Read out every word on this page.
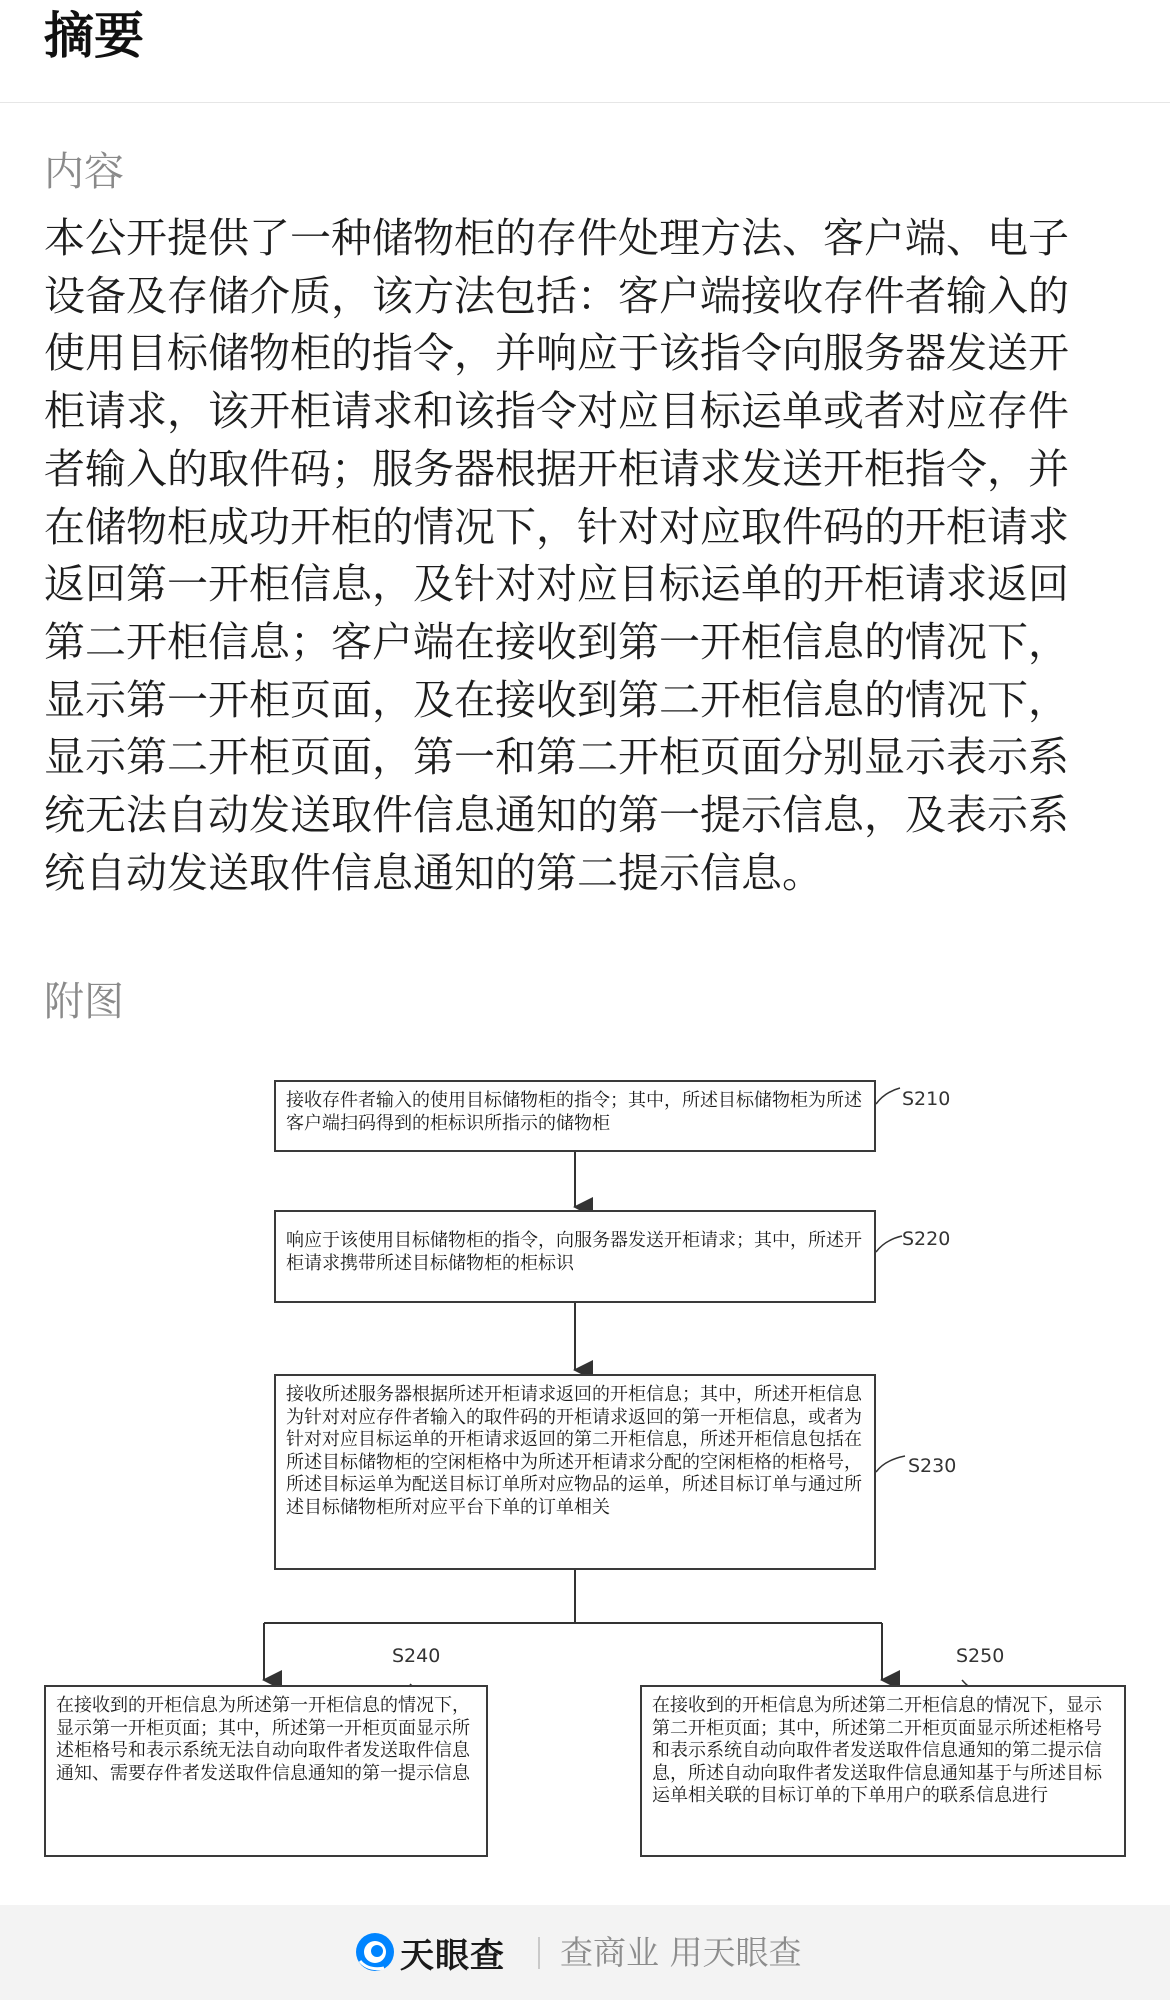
摘要
内容

本公开提供了一种储物柜的存件处理方法、客户端、电子设备及存储介质，该方法包括：客户端接收存件者输入的使用目标储物柜的指令，并响应于该指令向服务器发送开柜请求，该开柜请求和该指令对应目标运单或者对应存件者输入的取件码；服务器根据开柜请求发送开柜指令，并在储物柜成功开柜的情况下，针对对应取件码的开柜请求返回第一开柜信息，及针对对应目标运单的开柜请求返回第二开柜信息；客户端在接收到第一开柜信息的情况下，显示第一开柜页面，及在接收到第二开柜信息的情况下，显示第二开柜页面，第一和第二开柜页面分别显示表示系统无法自动发送取件信息通知的第一提示信息，及表示系统自动发送取件信息通知的第二提示信息。

附图
接收存件者输入的使用目标储物柜的指令；其中，所述目标储物柜为所述客户端扫码得到的柜标识所指示的储物柜
S210
响应于该使用目标储物柜的指令，向服务器发送开柜请求；其中，所述开柜请求携带所述目标储物柜的柜标识
S220
接收所述服务器根据所述开柜请求返回的开柜信息；其中，所述开柜信息为针对对应存件者输入的取件码的开柜请求返回的第一开柜信息，或者为针对对应目标运单的开柜请求返回的第二开柜信息，所述开柜信息包括在所述目标储物柜的空闲柜格中为所述开柜请求分配的空闲柜格的柜格号，所述目标运单为配送目标订单所对应物品的运单，所述目标订单与通过所述目标储物柜所对应平台下单的订单相关
S230
在接收到的开柜信息为所述第一开柜信息的情况下，显示第一开柜页面；其中，所述第一开柜页面显示所述柜格号和表示系统无法自动向取件者发送取件信息通知、需要存件者发送取件信息通知的第一提示信息
S240
在接收到的开柜信息为所述第二开柜信息的情况下，显示第二开柜页面；其中，所述第二开柜页面显示所述柜格号和表示系统自动向取件者发送取件信息通知的第二提示信息，所述自动向取件者发送取件信息通知基于与所述目标运单相关联的目标订单的下单用户的联系信息进行
S250
天眼查 查商业 用天眼查
